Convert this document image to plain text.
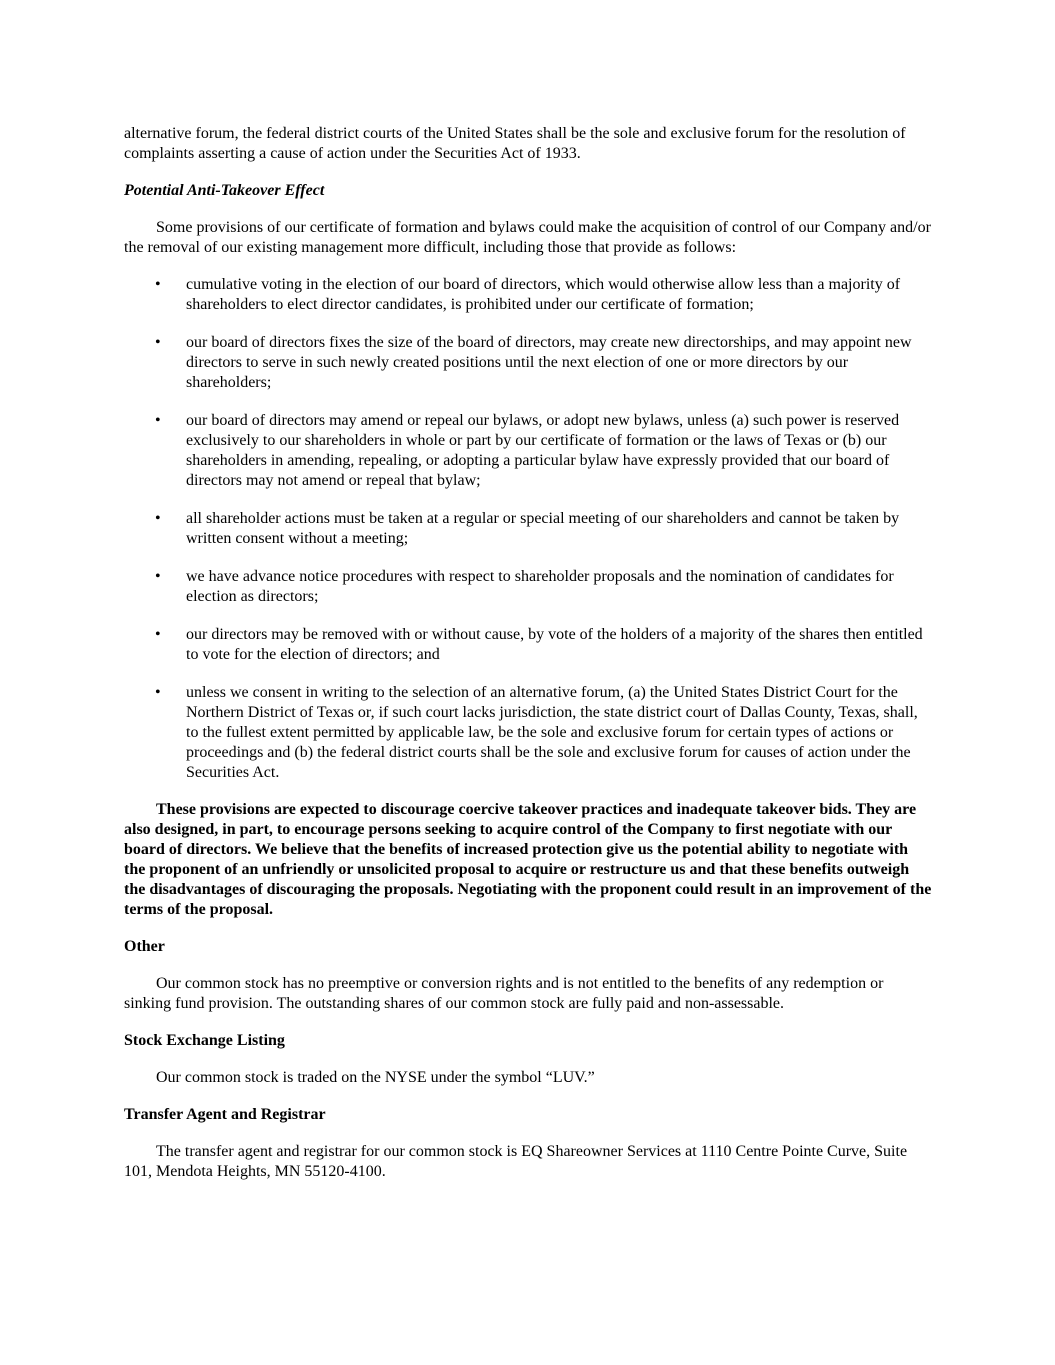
alternative forum, the federal district courts of the United States shall be the sole and exclusive forum for the resolution of complaints asserting a cause of action under the Securities Act of 1933.

Potential Anti-Takeover Effect

Some provisions of our certificate of formation and bylaws could make the acquisition of control of our Company and/or the removal of our existing management more difficult, including those that provide as follows:

• cumulative voting in the election of our board of directors, which would otherwise allow less than a majority of shareholders to elect director candidates, is prohibited under our certificate of formation;
• our board of directors fixes the size of the board of directors, may create new directorships, and may appoint new directors to serve in such newly created positions until the next election of one or more directors by our shareholders;
• our board of directors may amend or repeal our bylaws, or adopt new bylaws, unless (a) such power is reserved exclusively to our shareholders in whole or part by our certificate of formation or the laws of Texas or (b) our shareholders in amending, repealing, or adopting a particular bylaw have expressly provided that our board of directors may not amend or repeal that bylaw;
• all shareholder actions must be taken at a regular or special meeting of our shareholders and cannot be taken by written consent without a meeting;
• we have advance notice procedures with respect to shareholder proposals and the nomination of candidates for election as directors;
• our directors may be removed with or without cause, by vote of the holders of a majority of the shares then entitled to vote for the election of directors; and
• unless we consent in writing to the selection of an alternative forum, (a) the United States District Court for the Northern District of Texas or, if such court lacks jurisdiction, the state district court of Dallas County, Texas, shall, to the fullest extent permitted by applicable law, be the sole and exclusive forum for certain types of actions or proceedings and (b) the federal district courts shall be the sole and exclusive forum for causes of action under the Securities Act.

These provisions are expected to discourage coercive takeover practices and inadequate takeover bids. They are also designed, in part, to encourage persons seeking to acquire control of the Company to first negotiate with our board of directors. We believe that the benefits of increased protection give us the potential ability to negotiate with the proponent of an unfriendly or unsolicited proposal to acquire or restructure us and that these benefits outweigh the disadvantages of discouraging the proposals. Negotiating with the proponent could result in an improvement of the terms of the proposal.

Other

Our common stock has no preemptive or conversion rights and is not entitled to the benefits of any redemption or sinking fund provision. The outstanding shares of our common stock are fully paid and non-assessable.

Stock Exchange Listing

Our common stock is traded on the NYSE under the symbol “LUV.”

Transfer Agent and Registrar

The transfer agent and registrar for our common stock is EQ Shareowner Services at 1110 Centre Pointe Curve, Suite 101, Mendota Heights, MN 55120-4100.
